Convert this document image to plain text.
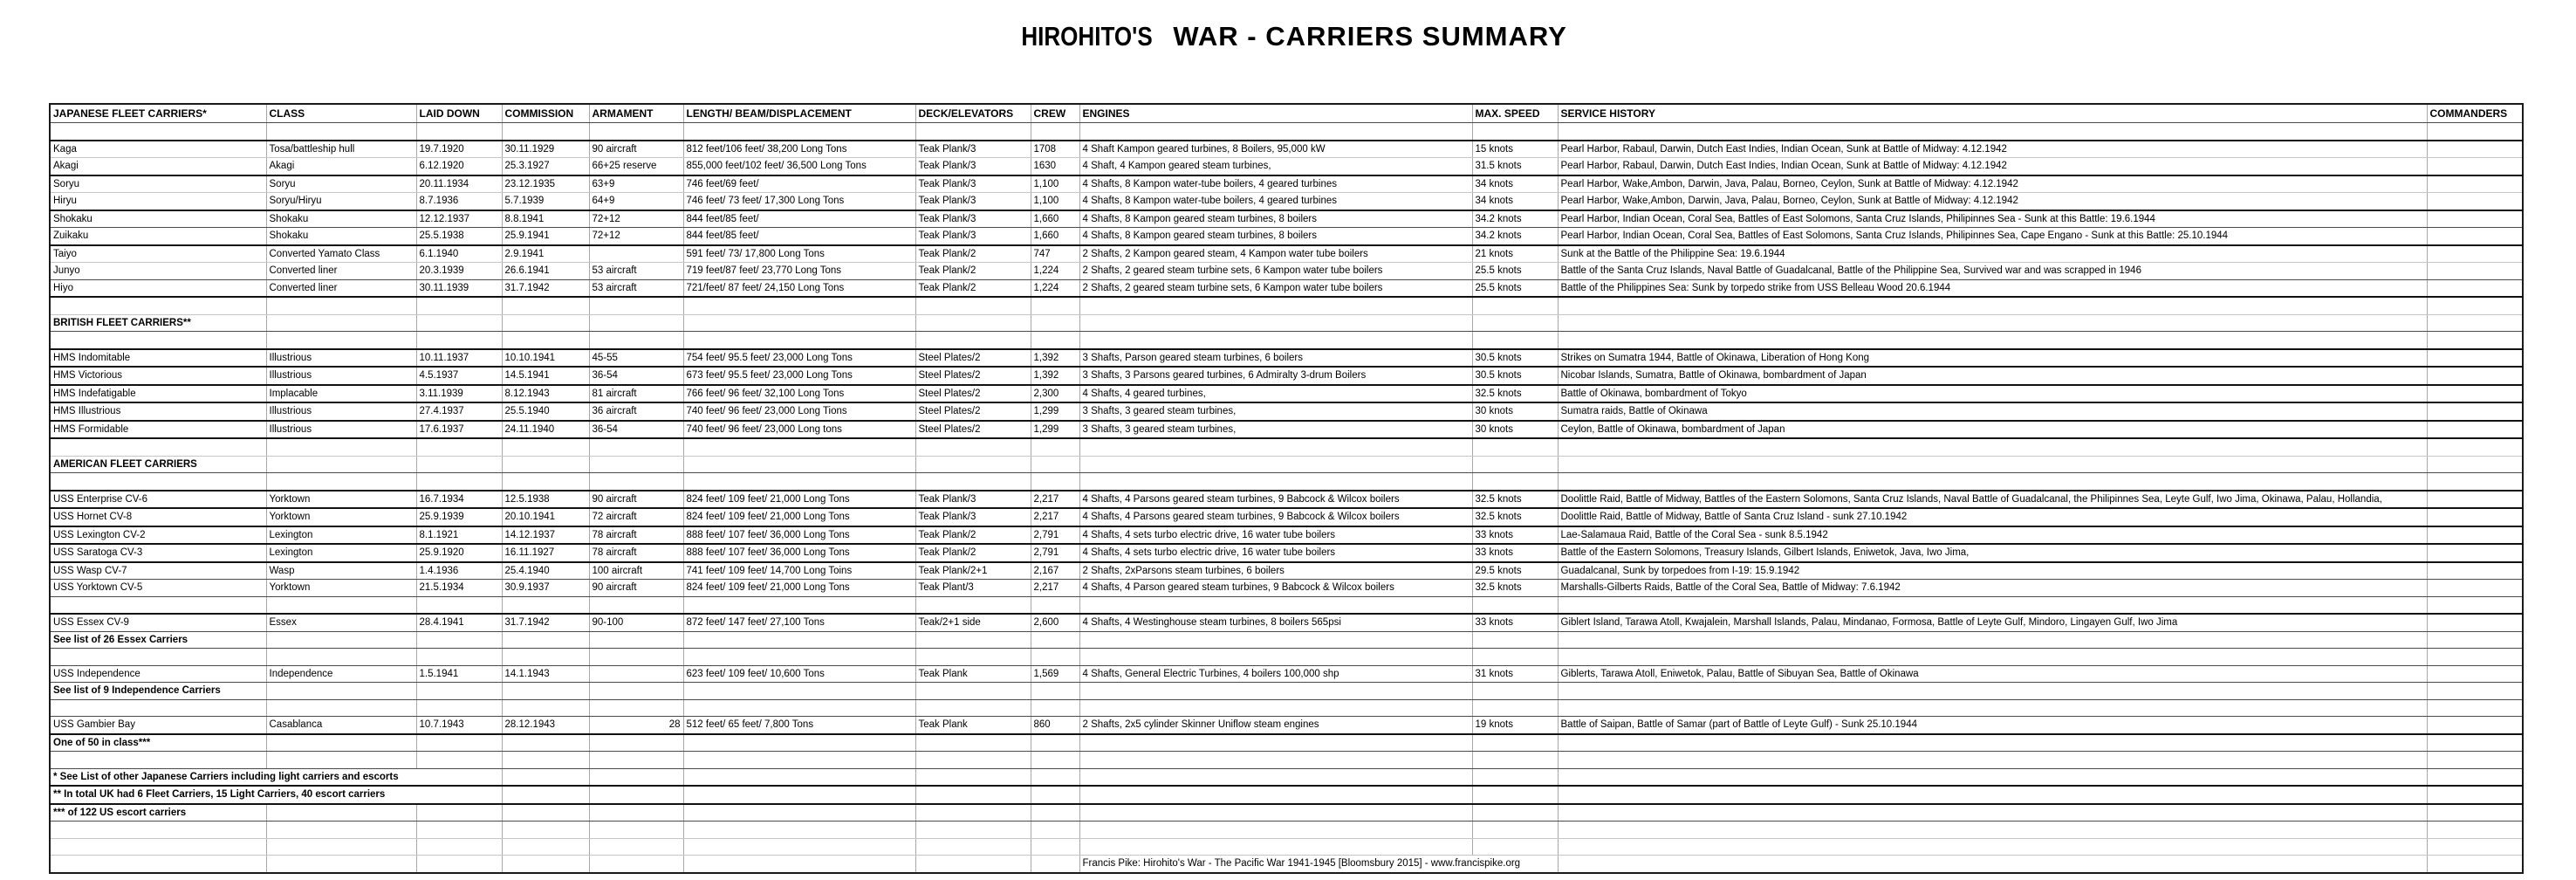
HIROHITO'S WAR - CARRIERS SUMMARY
JAPANESE FLEET CARRIERS*	CLASS	LAID DOWN	COMMISSION	ARMAMENT	LENGTH/ BEAM/DISPLACEMENT	DECK/ELEVATORS	CREW	ENGINES	MAX. SPEED	SERVICE HISTORY	COMMANDERS

Kaga	Tosa/battleship hull	19.7.1920	30.11.1929	90 aircraft	812 feet/106 feet/ 38,200 Long Tons	Teak Plank/3	1708	4 Shaft Kampon geared turbines, 8 Boilers, 95,000 kW	15 knots	Pearl Harbor, Rabaul, Darwin, Dutch East Indies, Indian Ocean, Sunk at Battle of Midway: 4.12.1942	
Akagi	Akagi	6.12.1920	25.3.1927	66+25 reserve	855,000 feet/102 feet/ 36,500 Long Tons	Teak Plank/3	1630	4 Shaft, 4 Kampon geared steam turbines,	31.5 knots	Pearl Harbor, Rabaul, Darwin, Dutch East Indies, Indian Ocean, Sunk at Battle of Midway: 4.12.1942	
Soryu	Soryu	20.11.1934	23.12.1935	63+9	746 feet/69 feet/	Teak Plank/3	1,100	4 Shafts, 8 Kampon water-tube boilers, 4 geared turbines	34 knots	Pearl Harbor, Wake,Ambon, Darwin, Java, Palau, Borneo, Ceylon, Sunk at Battle of Midway: 4.12.1942	
Hiryu	Soryu/Hiryu	8.7.1936	5.7.1939	64+9	746 feet/ 73 feet/ 17,300 Long Tons	Teak Plank/3	1,100	4 Shafts, 8 Kampon water-tube boilers, 4 geared turbines	34 knots	Pearl Harbor, Wake,Ambon, Darwin, Java, Palau, Borneo, Ceylon, Sunk at Battle of Midway: 4.12.1942	
Shokaku	Shokaku	12.12.1937	8.8.1941	72+12	844 feet/85 feet/	Teak Plank/3	1,660	4 Shafts, 8 Kampon geared steam turbines, 8 boilers	34.2 knots	Pearl Harbor, Indian Ocean, Coral Sea, Battles of East Solomons, Santa Cruz Islands, Philipinnes Sea - Sunk at this Battle: 19.6.1944	
Zuikaku	Shokaku	25.5.1938	25.9.1941	72+12	844 feet/85 feet/	Teak Plank/3	1,660	4 Shafts, 8 Kampon geared steam turbines, 8 boilers	34.2 knots	Pearl Harbor, Indian Ocean, Coral Sea, Battles of East Solomons, Santa Cruz Islands, Philipinnes Sea, Cape Engano - Sunk at this Battle: 25.10.1944	
Taiyo	Converted Yamato Class	6.1.1940	2.9.1941		591 feet/ 73/ 17,800 Long Tons	Teak Plank/2	747	2 Shafts, 2 Kampon geared steam, 4 Kampon water tube boilers	21 knots	Sunk at the Battle of the Philippine Sea: 19.6.1944	
Junyo	Converted liner	20.3.1939	26.6.1941	53 aircraft	719 feet/87 feet/ 23,770 Long Tons	Teak Plank/2	1,224	2 Shafts, 2 geared steam turbine sets, 6 Kampon water tube boilers	25.5 knots	Battle of the Santa Cruz Islands, Naval Battle of Guadalcanal, Battle of the Philippine Sea, Survived war and was scrapped in 1946	
Hiyo	Converted liner	30.11.1939	31.7.1942	53 aircraft	721/feet/ 87 feet/ 24,150 Long Tons	Teak Plank/2	1,224	2 Shafts, 2 geared steam turbine sets, 6 Kampon water tube boilers	25.5 knots	Battle of the Philippines Sea: Sunk by torpedo strike from USS Belleau Wood 20.6.1944	

BRITISH FLEET CARRIERS**											

HMS Indomitable	Illustrious	10.11.1937	10.10.1941	45-55	754 feet/ 95.5 feet/ 23,000 Long Tons	Steel Plates/2	1,392	3 Shafts, Parson geared steam turbines, 6 boilers	30.5 knots	Strikes on Sumatra 1944, Battle of Okinawa, Liberation of Hong Kong	
HMS Victorious	Illustrious	4.5.1937	14.5.1941	36-54	673 feet/ 95.5 feet/ 23,000 Long Tons	Steel Plates/2	1,392	3 Shafts, 3 Parsons geared turbines, 6 Admiralty 3-drum Boilers	30.5 knots	Nicobar Islands, Sumatra, Battle of Okinawa, bombardment of Japan	
HMS Indefatigable	Implacable	3.11.1939	8.12.1943	81 aircraft	766 feet/ 96 feet/ 32,100 Long Tons	Steel Plates/2	2,300	4 Shafts, 4 geared turbines,	32.5 knots	Battle of Okinawa, bombardment of Tokyo	
HMS Illustrious	Illustrious	27.4.1937	25.5.1940	36 aircraft	740 feet/ 96 feet/ 23,000 Long Tions	Steel Plates/2	1,299	3 Shafts, 3 geared steam turbines,	30 knots	Sumatra raids, Battle of Okinawa	
HMS Formidable	Illustrious	17.6.1937	24.11.1940	36-54	740 feet/ 96 feet/ 23,000 Long tons	Steel Plates/2	1,299	3 Shafts, 3 geared steam turbines,	30 knots	Ceylon, Battle of Okinawa, bombardment of Japan	

AMERICAN FLEET CARRIERS											

USS Enterprise CV-6	Yorktown	16.7.1934	12.5.1938	90 aircraft	824 feet/ 109 feet/ 21,000 Long Tons	Teak Plank/3	2,217	4 Shafts, 4 Parsons geared steam turbines, 9 Babcock & Wilcox boilers	32.5 knots	Doolittle Raid, Battle of Midway, Battles of the Eastern Solomons, Santa Cruz Islands, Naval Battle of Guadalcanal, the Philipinnes Sea, Leyte Gulf, Iwo Jima, Okinawa, Palau, Hollandia,	
USS Hornet CV-8	Yorktown	25.9.1939	20.10.1941	72 aircraft	824 feet/ 109 feet/ 21,000 Long Tons	Teak Plank/3	2,217	4 Shafts, 4 Parsons geared steam turbines, 9 Babcock & Wilcox boilers	32.5 knots	Doolittle Raid, Battle of Midway, Battle of Santa Cruz Island - sunk 27.10.1942	
USS Lexington CV-2	Lexington	8.1.1921	14.12.1937	78 aircraft	888 feet/ 107 feet/ 36,000 Long Tons	Teak Plank/2	2,791	4 Shafts, 4 sets turbo electric drive, 16 water tube boilers	33 knots	Lae-Salamaua Raid, Battle of the Coral Sea - sunk 8.5.1942	
USS Saratoga CV-3	Lexington	25.9.1920	16.11.1927	78 aircraft	888 feet/ 107 feet/ 36,000 Long Tons	Teak Plank/2	2,791	4 Shafts, 4 sets turbo electric drive, 16 water tube boilers	33 knots	Battle of the Eastern Solomons, Treasury Islands, Gilbert Islands, Eniwetok, Java, Iwo Jima,	
USS Wasp CV-7	Wasp	1.4.1936	25.4.1940	100 aircraft	741 feet/ 109 feet/ 14,700 Long Toins	Teak Plank/2+1	2,167	2 Shafts, 2xParsons steam turbines, 6 boilers	29.5 knots	Guadalcanal, Sunk by torpedoes from I-19: 15.9.1942	
USS Yorktown CV-5	Yorktown	21.5.1934	30.9.1937	90 aircraft	824 feet/ 109 feet/ 21,000 Long Tons	Teak Plant/3	2,217	4 Shafts, 4 Parson geared steam turbines, 9 Babcock & Wilcox boilers	32.5 knots	Marshalls-Gilberts Raids, Battle of the Coral Sea, Battle of Midway: 7.6.1942	

USS Essex CV-9	Essex	28.4.1941	31.7.1942	90-100	872 feet/ 147 feet/ 27,100 Tons	Teak/2+1 side	2,600	4 Shafts, 4 Westinghouse steam turbines, 8 boilers 565psi	33 knots	Giblert Island, Tarawa Atoll, Kwajalein, Marshall Islands, Palau, Mindanao, Formosa, Battle of Leyte Gulf, Mindoro, Lingayen Gulf, Iwo Jima	
See list of 26 Essex Carriers											

USS Independence	Independence	1.5.1941	14.1.1943		623 feet/ 109 feet/ 10,600 Tons	Teak Plank	1,569	4 Shafts, General Electric Turbines, 4 boilers 100,000 shp	31 knots	Giblerts, Tarawa Atoll, Eniwetok, Palau, Battle of Sibuyan Sea, Battle of Okinawa	
See list of 9 Independence Carriers											

USS Gambier Bay	Casablanca	10.7.1943	28.12.1943	28	512 feet/ 65 feet/ 7,800 Tons	Teak Plank	860	2 Shafts, 2x5 cylinder Skinner Uniflow steam engines	19 knots	Battle of Saipan, Battle of Samar (part of Battle of Leyte Gulf) - Sunk 25.10.1944	
One of 50 in class***											

* See List of other Japanese Carriers including light carriers and escorts											
** In total UK had 6 Fleet Carriers, 15 Light Carriers, 40 escort carriers											
*** of 122 US escort carriers											

								Francis Pike: Hirohito's War - The Pacific War 1941-1945 [Bloomsbury 2015] - www.francispike.org			
